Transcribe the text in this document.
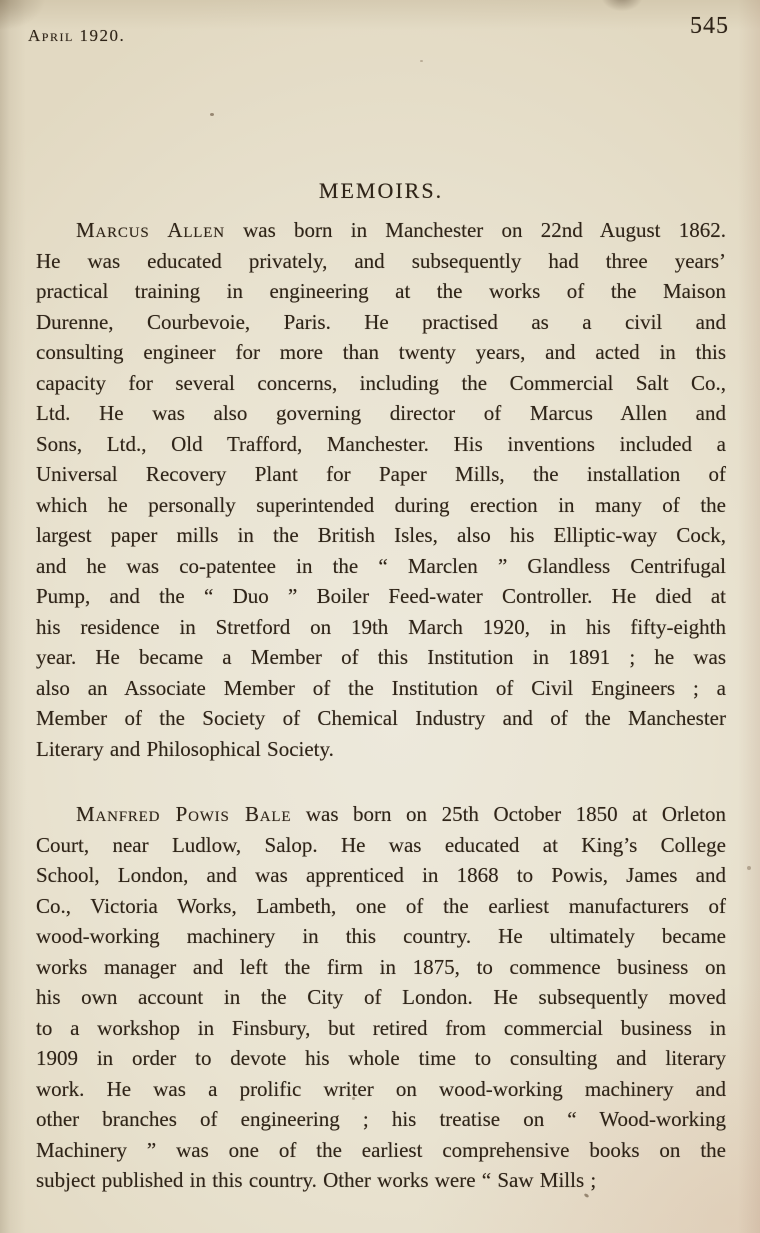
April 1920.	545
MEMOIRS.
Marcus Allen was born in Manchester on 22nd August 1862.
He was educated privately, and subsequently had three years’
practical training in engineering at the works of the Maison
Durenne, Courbevoie, Paris. He practised as a civil and
consulting engineer for more than twenty years, and acted in this
capacity for several concerns, including the Commercial Salt Co.,
Ltd. He was also governing director of Marcus Allen and
Sons, Ltd., Old Trafford, Manchester. His inventions included a
Universal Recovery Plant for Paper Mills, the installation of
which he personally superintended during erection in many of the
largest paper mills in the British Isles, also his Elliptic-way Cock,
and he was co-patentee in the “ Marclen ” Glandless Centrifugal
Pump, and the “ Duo ” Boiler Feed-water Controller. He died at
his residence in Stretford on 19th March 1920, in his fifty-eighth
year. He became a Member of this Institution in 1891 ; he was
also an Associate Member of the Institution of Civil Engineers ; a
Member of the Society of Chemical Industry and of the Manchester
Literary and Philosophical Society.
Manfred Powis Bale was born on 25th October 1850 at Orleton
Court, near Ludlow, Salop. He was educated at King’s College
School, London, and was apprenticed in 1868 to Powis, James and
Co., Victoria Works, Lambeth, one of the earliest manufacturers of
wood-working machinery in this country. He ultimately became
works manager and left the firm in 1875, to commence business on
his own account in the City of London. He subsequently moved
to a workshop in Finsbury, but retired from commercial business in
1909 in order to devote his whole time to consulting and literary
work. He was a prolific writer on wood-working machinery and
other branches of engineering ; his treatise on “ Wood-working
Machinery ” was one of the earliest comprehensive books on the
subject published in this country. Other works were “ Saw Mills ;
